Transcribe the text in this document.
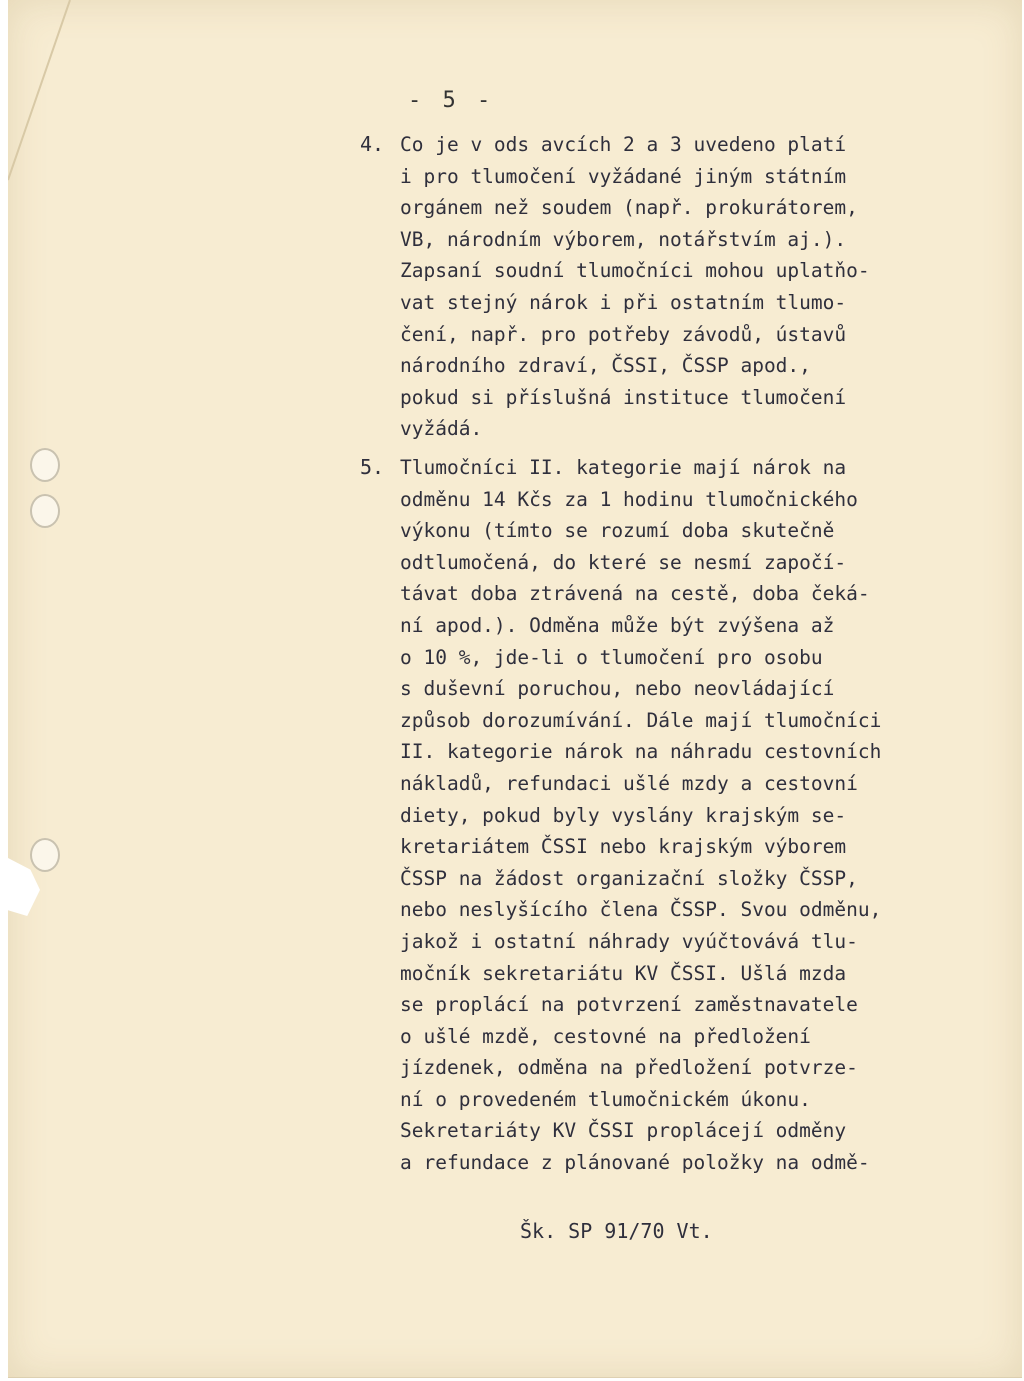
- 5 -
4. Co je v ods avcích 2 a 3 uvedeno platí
i pro tlumočení vyžádané jiným státním
orgánem než soudem (např. prokurátorem,
VB, národním výborem, notářstvím aj.).
Zapsaní soudní tlumočníci mohou uplatňo-
vat stejný nárok i při ostatním tlumo-
čení, např. pro potřeby závodů, ústavů
národního zdraví, ČSSI, ČSSP apod.,
pokud si příslušná instituce tlumočení
vyžádá.
5. Tlumočníci II. kategorie mají nárok na
odměnu 14 Kčs za 1 hodinu tlumočnického
výkonu (tímto se rozumí doba skutečně
odtlumočená, do které se nesmí započí-
távat doba ztrávená na cestě, doba čeká-
ní apod.). Odměna může být zvýšena až
o 10 %, jde-li o tlumočení pro osobu
s duševní poruchou, nebo neovládající
způsob dorozumívání. Dále mají tlumočníci
II. kategorie nárok na náhradu cestovních
nákladů, refundaci ušlé mzdy a cestovní
diety, pokud byly vyslány krajským se-
kretariátem ČSSI nebo krajským výborem
ČSSP na žádost organizační složky ČSSP,
nebo neslyšícího člena ČSSP. Svou odměnu,
jakož i ostatní náhrady vyúčtovává tlu-
močník sekretariátu KV ČSSI. Ušlá mzda
se proplácí na potvrzení zaměstnavatele
o ušlé mzdě, cestovné na předložení
jízdenek, odměna na předložení potvrze-
ní o provedeném tlumočnickém úkonu.
Sekretariáty KV ČSSI proplácejí odměny
a refundace z plánované položky na odmě-
Šk. SP 91/70 Vt.
